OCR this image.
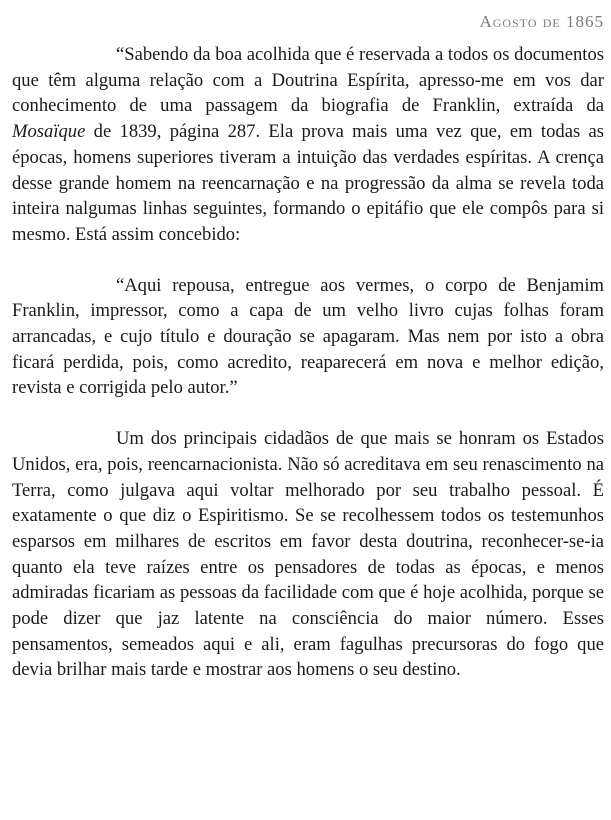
Agosto de 1865

“Sabendo da boa acolhida que é reservada a todos os documentos que têm alguma relação com a Doutrina Espírita, apresso-me em vos dar conhecimento de uma passagem da biografia de Franklin, extraída da Mosaïque de 1839, página 287. Ela prova mais uma vez que, em todas as épocas, homens superiores tiveram a intuição das verdades espíritas. A crença desse grande homem na reencarnação e na progressão da alma se revela toda inteira nalgumas linhas seguintes, formando o epitáfio que ele compôs para si mesmo. Está assim concebido:

“Aqui repousa, entregue aos vermes, o corpo de Benjamim Franklin, impressor, como a capa de um velho livro cujas folhas foram arrancadas, e cujo título e douração se apagaram. Mas nem por isto a obra ficará perdida, pois, como acredito, reaparecerá em nova e melhor edição, revista e corrigida pelo autor.”

Um dos principais cidadãos de que mais se honram os Estados Unidos, era, pois, reencarnacionista. Não só acreditava em seu renascimento na Terra, como julgava aqui voltar melhorado por seu trabalho pessoal. É exatamente o que diz o Espiritismo. Se se recolhessem todos os testemunhos esparsos em milhares de escritos em favor desta doutrina, reconhecer-se-ia quanto ela teve raízes entre os pensadores de todas as épocas, e menos admiradas ficariam as pessoas da facilidade com que é hoje acolhida, porque se pode dizer que jaz latente na consciência do maior número. Esses pensamentos, semeados aqui e ali, eram fagulhas precursoras do fogo que devia brilhar mais tarde e mostrar aos homens o seu destino.
